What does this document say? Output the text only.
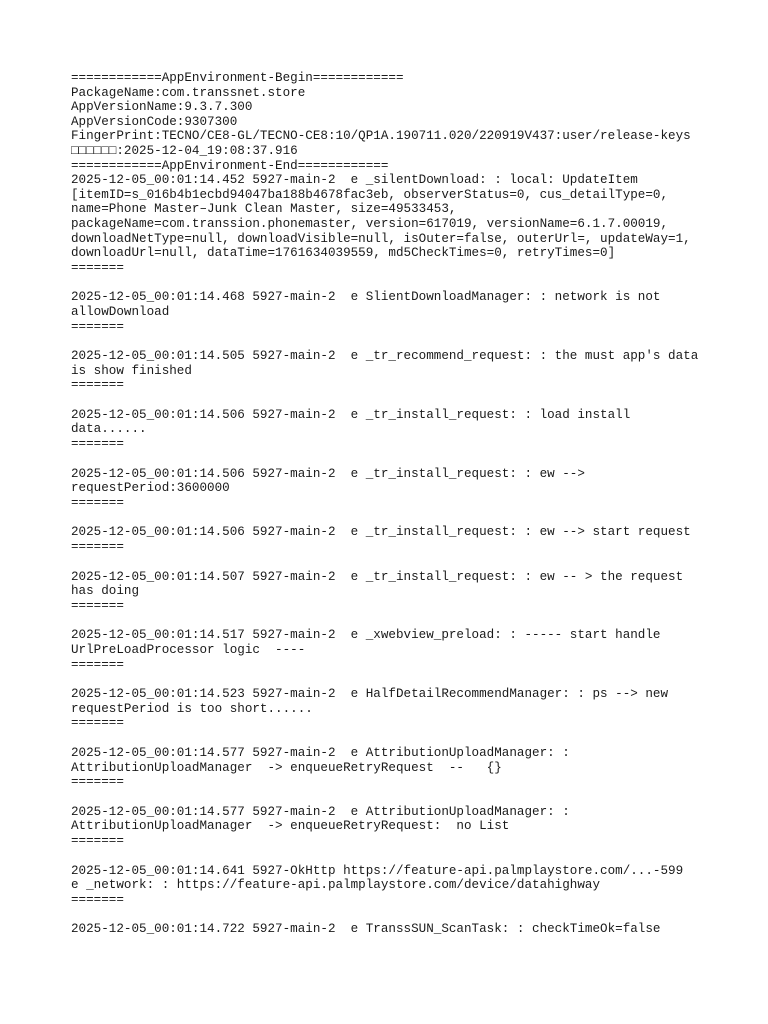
============AppEnvironment-Begin============
PackageName:com.transsnet.store
AppVersionName:9.3.7.300
AppVersionCode:9307300
FingerPrint:TECNO/CE8-GL/TECNO-CE8:10/QP1A.190711.020/220919V437:user/release-keys
□□□□□□:2025-12-04_19:08:37.916
============AppEnvironment-End============
2025-12-05_00:01:14.452 5927-main-2  e _silentDownload: : local: UpdateItem
[itemID=s_016b4b1ecbd94047ba188b4678fac3eb, observerStatus=0, cus_detailType=0,
name=Phone Master–Junk Clean Master, size=49533453,
packageName=com.transsion.phonemaster, version=617019, versionName=6.1.7.00019,
downloadNetType=null, downloadVisible=null, isOuter=false, outerUrl=, updateWay=1,
downloadUrl=null, dataTime=1761634039559, md5CheckTimes=0, retryTimes=0]
=======
2025-12-05_00:01:14.468 5927-main-2  e SlientDownloadManager: : network is not
allowDownload
=======
2025-12-05_00:01:14.505 5927-main-2  e _tr_recommend_request: : the must app's data
is show finished
=======
2025-12-05_00:01:14.506 5927-main-2  e _tr_install_request: : load install
data......
=======
2025-12-05_00:01:14.506 5927-main-2  e _tr_install_request: : ew -->
requestPeriod:3600000
=======
2025-12-05_00:01:14.506 5927-main-2  e _tr_install_request: : ew --> start request
=======
2025-12-05_00:01:14.507 5927-main-2  e _tr_install_request: : ew -- > the request
has doing
=======
2025-12-05_00:01:14.517 5927-main-2  e _xwebview_preload: : ----- start handle
UrlPreLoadProcessor logic  ----
=======
2025-12-05_00:01:14.523 5927-main-2  e HalfDetailRecommendManager: : ps --> new
requestPeriod is too short......
=======
2025-12-05_00:01:14.577 5927-main-2  e AttributionUploadManager: :
AttributionUploadManager  -> enqueueRetryRequest  --   {}
=======
2025-12-05_00:01:14.577 5927-main-2  e AttributionUploadManager: :
AttributionUploadManager  -> enqueueRetryRequest:  no List
=======
2025-12-05_00:01:14.641 5927-OkHttp https://feature-api.palmplaystore.com/...-599
e _network: : https://feature-api.palmplaystore.com/device/datahighway
=======
2025-12-05_00:01:14.722 5927-main-2  e TranssSUN_ScanTask: : checkTimeOk=false
